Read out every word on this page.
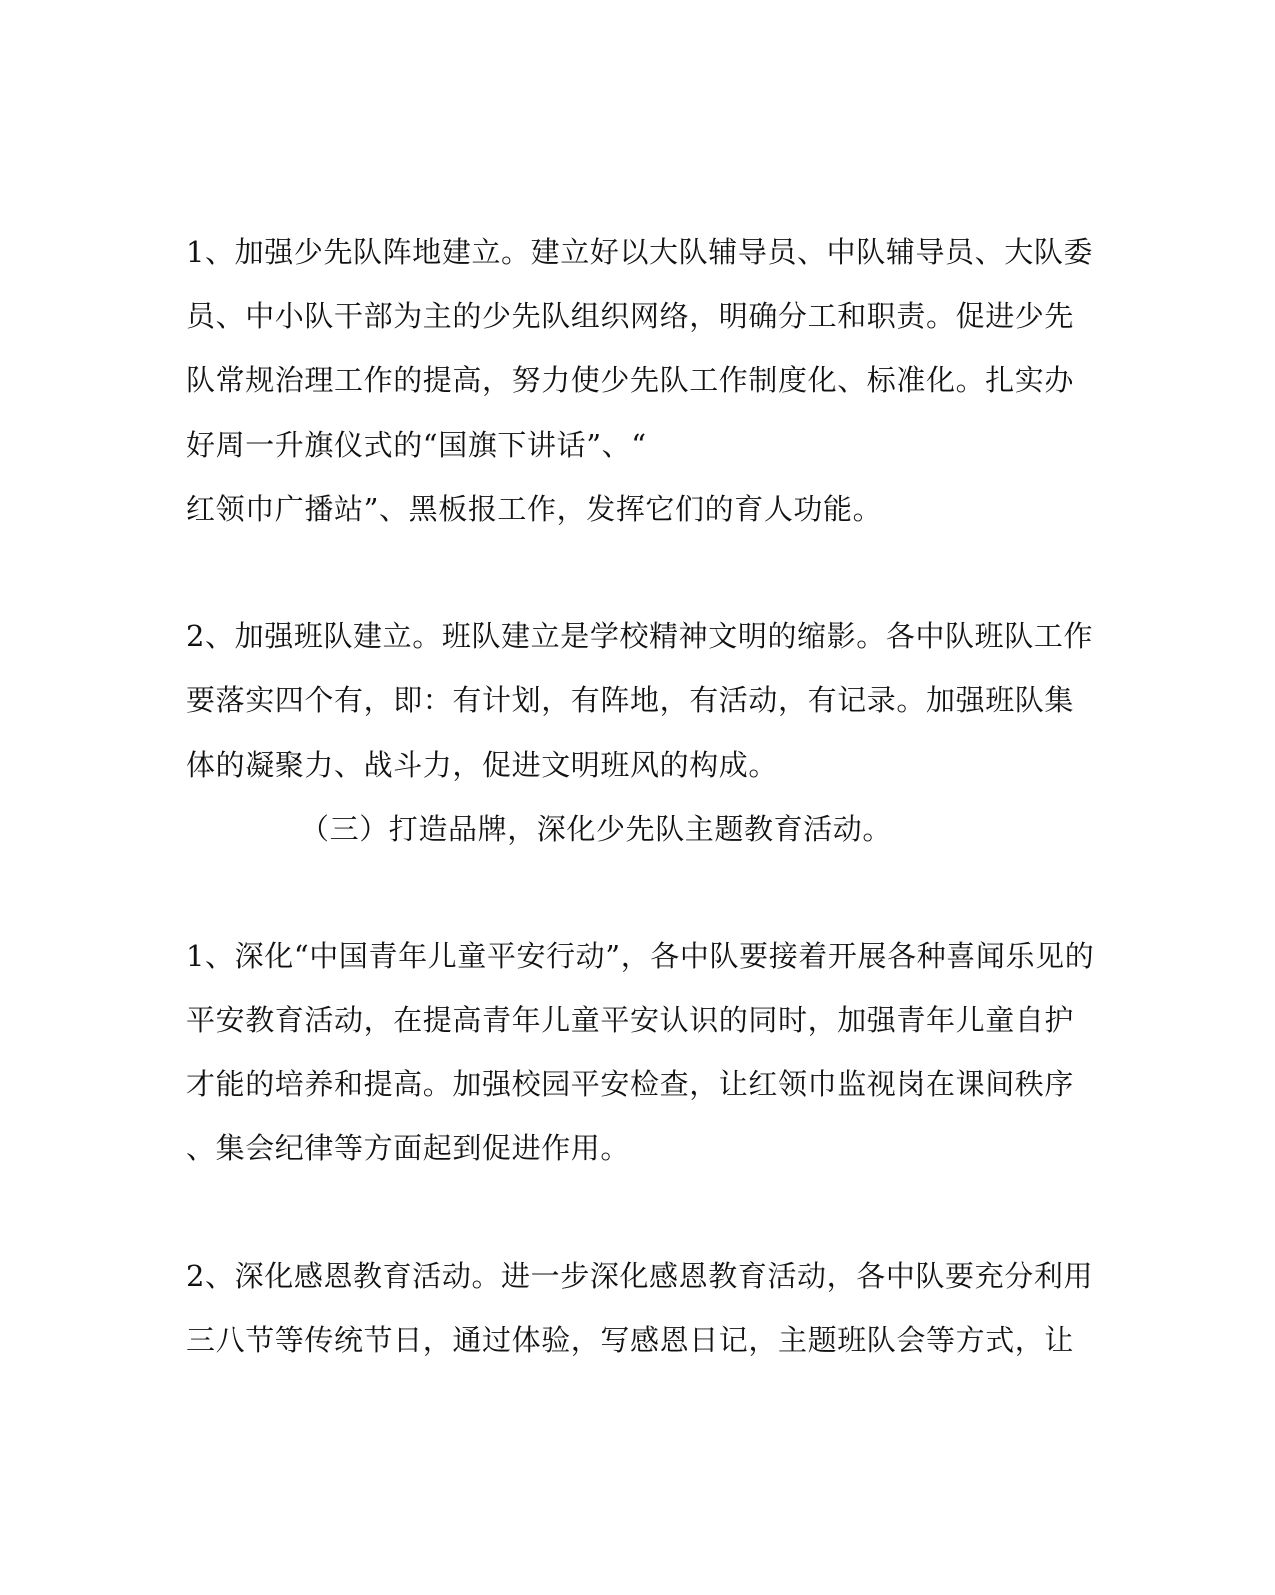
1、加强少先队阵地建立。建立好以大队辅导员、中队辅导员、大队委
员、中小队干部为主的少先队组织网络，明确分工和职责。促进少先
队常规治理工作的提高，努力使少先队工作制度化、标准化。扎实办
好周一升旗仪式的“国旗下讲话”、“
红领巾广播站”、黑板报工作，发挥它们的育人功能。
2、加强班队建立。班队建立是学校精神文明的缩影。各中队班队工作
要落实四个有，即：有计划，有阵地，有活动，有记录。加强班队集
体的凝聚力、战斗力，促进文明班风的构成。
（三）打造品牌，深化少先队主题教育活动。
1、深化“中国青年儿童平安行动”，各中队要接着开展各种喜闻乐见的
平安教育活动，在提高青年儿童平安认识的同时，加强青年儿童自护
才能的培养和提高。加强校园平安检查，让红领巾监视岗在课间秩序
、集会纪律等方面起到促进作用。
2、深化感恩教育活动。进一步深化感恩教育活动，各中队要充分利用
三八节等传统节日，通过体验，写感恩日记，主题班队会等方式，让
